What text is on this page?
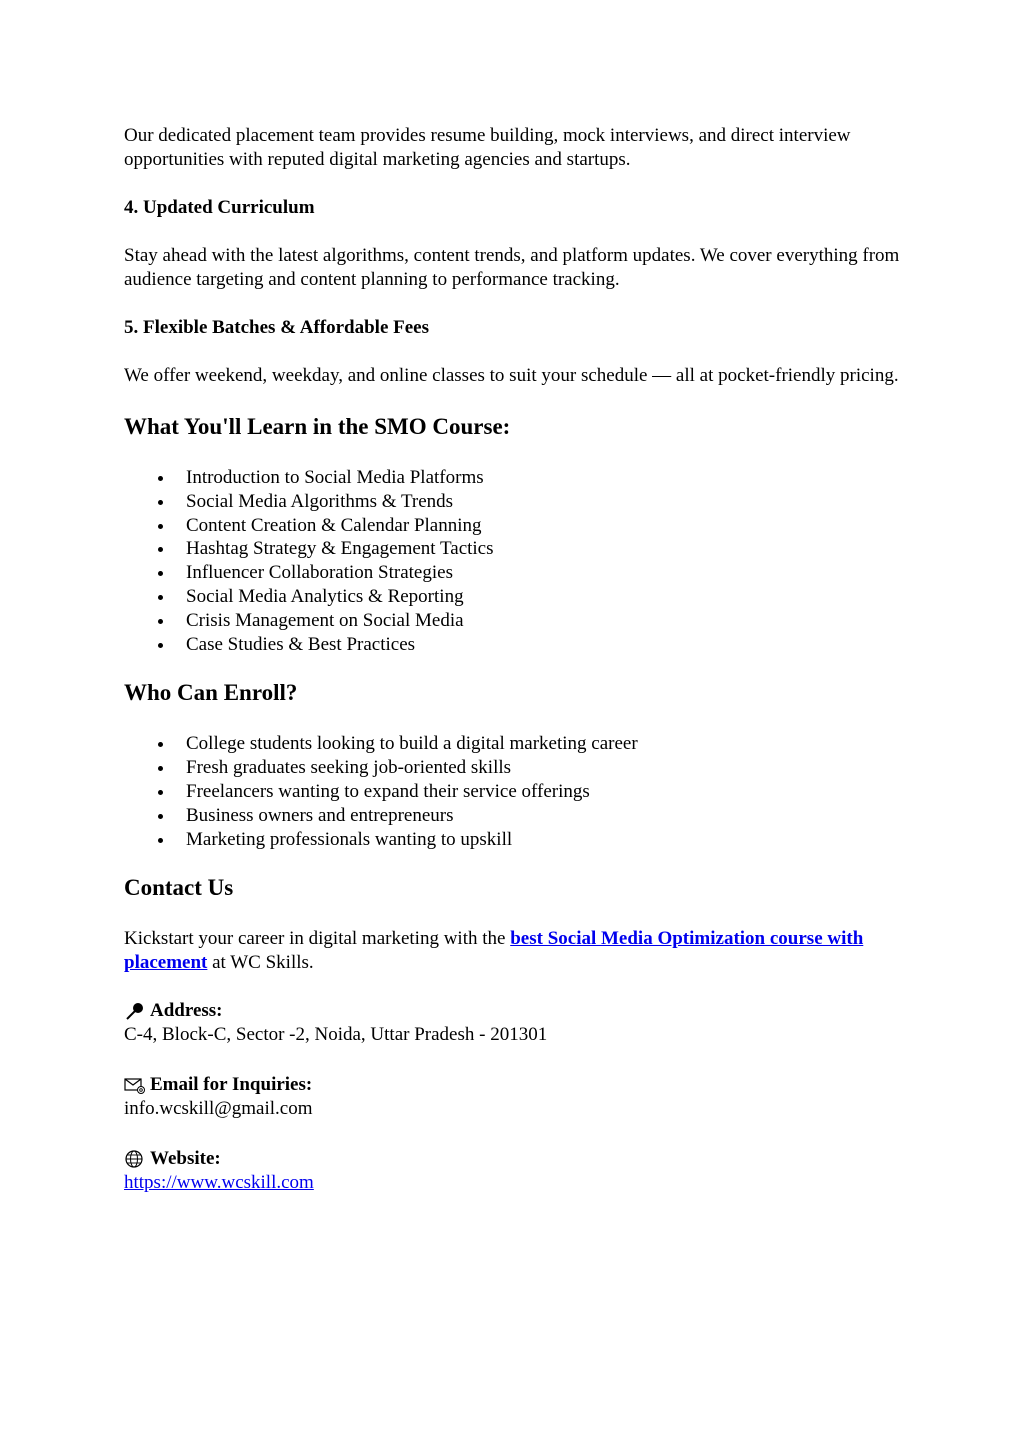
Our dedicated placement team provides resume building, mock interviews, and direct interview opportunities with reputed digital marketing agencies and startups.

4. Updated Curriculum

Stay ahead with the latest algorithms, content trends, and platform updates. We cover everything from audience targeting and content planning to performance tracking.

5. Flexible Batches & Affordable Fees

We offer weekend, weekday, and online classes to suit your schedule — all at pocket-friendly pricing.

What You'll Learn in the SMO Course:
Introduction to Social Media Platforms
Social Media Algorithms & Trends
Content Creation & Calendar Planning
Hashtag Strategy & Engagement Tactics
Influencer Collaboration Strategies
Social Media Analytics & Reporting
Crisis Management on Social Media
Case Studies & Best Practices
Who Can Enroll?
College students looking to build a digital marketing career
Fresh graduates seeking job-oriented skills
Freelancers wanting to expand their service offerings
Business owners and entrepreneurs
Marketing professionals wanting to upskill
Contact Us

Kickstart your career in digital marketing with the best Social Media Optimization course with placement at WC Skills.

Address:

C-4, Block-C, Sector -2, Noida, Uttar Pradesh - 201301

Email for Inquiries:

info.wcskill@gmail.com

Website:

https://www.wcskill.com
